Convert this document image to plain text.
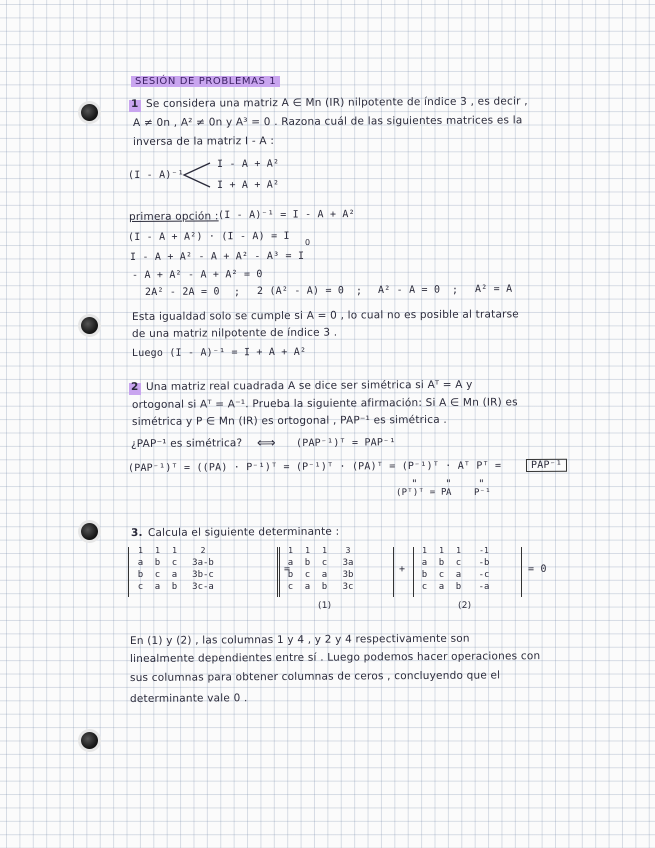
SESIÓN DE PROBLEMAS 1
1 Se considera una matriz A ∈ Mn (IR) nilpotente de índice 3 , es decir ,
A ≠ 0n , A² ≠ 0n y A³ = 0 . Razona cuál de las siguientes matrices es la
inversa de la matriz I - A :
(I - A)⁻¹
I - A + A²
I + A + A²
primera opción : (I - A)⁻¹ = I - A + A²
(I - A + A²) · (I - A) = I
I - A + A² - A + A² - A³ = I
0
- A + A² - A + A² = 0
2A² - 2A = 0 ; 2 (A² - A) = 0 ; A² - A = 0 ; A² = A
Esta igualdad solo se cumple si A = 0 , lo cual no es posible al tratarse
de una matriz nilpotente de índice 3 .
Luego (I - A)⁻¹ = I + A + A²
2 Una matriz real cuadrada A se dice ser simétrica si Aᵀ = A y
ortogonal si Aᵀ = A⁻¹. Prueba la siguiente afirmación: Si A ∈ Mn (IR) es
simétrica y P ∈ Mn (IR) es ortogonal , PAP⁻¹ es simétrica .
¿PAP⁻¹ es simétrica? ⟺ (PAP⁻¹)ᵀ = PAP⁻¹
(PAP⁻¹)ᵀ = ((PA) · P⁻¹)ᵀ = (P⁻¹)ᵀ · (PA)ᵀ = (P⁻¹)ᵀ · Aᵀ Pᵀ =	PAP⁻¹
"	"	"
(Pᵀ)ᵀ = P A P⁻¹
3. Calcula el siguiente determinante :
=	+	= 0
(1)	(2)
1	1	1	2
a	b	c	3a-b
b	c	a	3b-c
c	a	b	3c-a
1	1	1	3
a	b	c	3a
b	c	a	3b
c	a	b	3c
1	1	1	-1
a	b	c	-b
b	c	a	-c
c	a	b	-a
En (1) y (2) , las columnas 1 y 4 , y 2 y 4 respectivamente son
linealmente dependientes entre sí . Luego podemos hacer operaciones con
sus columnas para obtener columnas de ceros , concluyendo que el
determinante vale 0 .
